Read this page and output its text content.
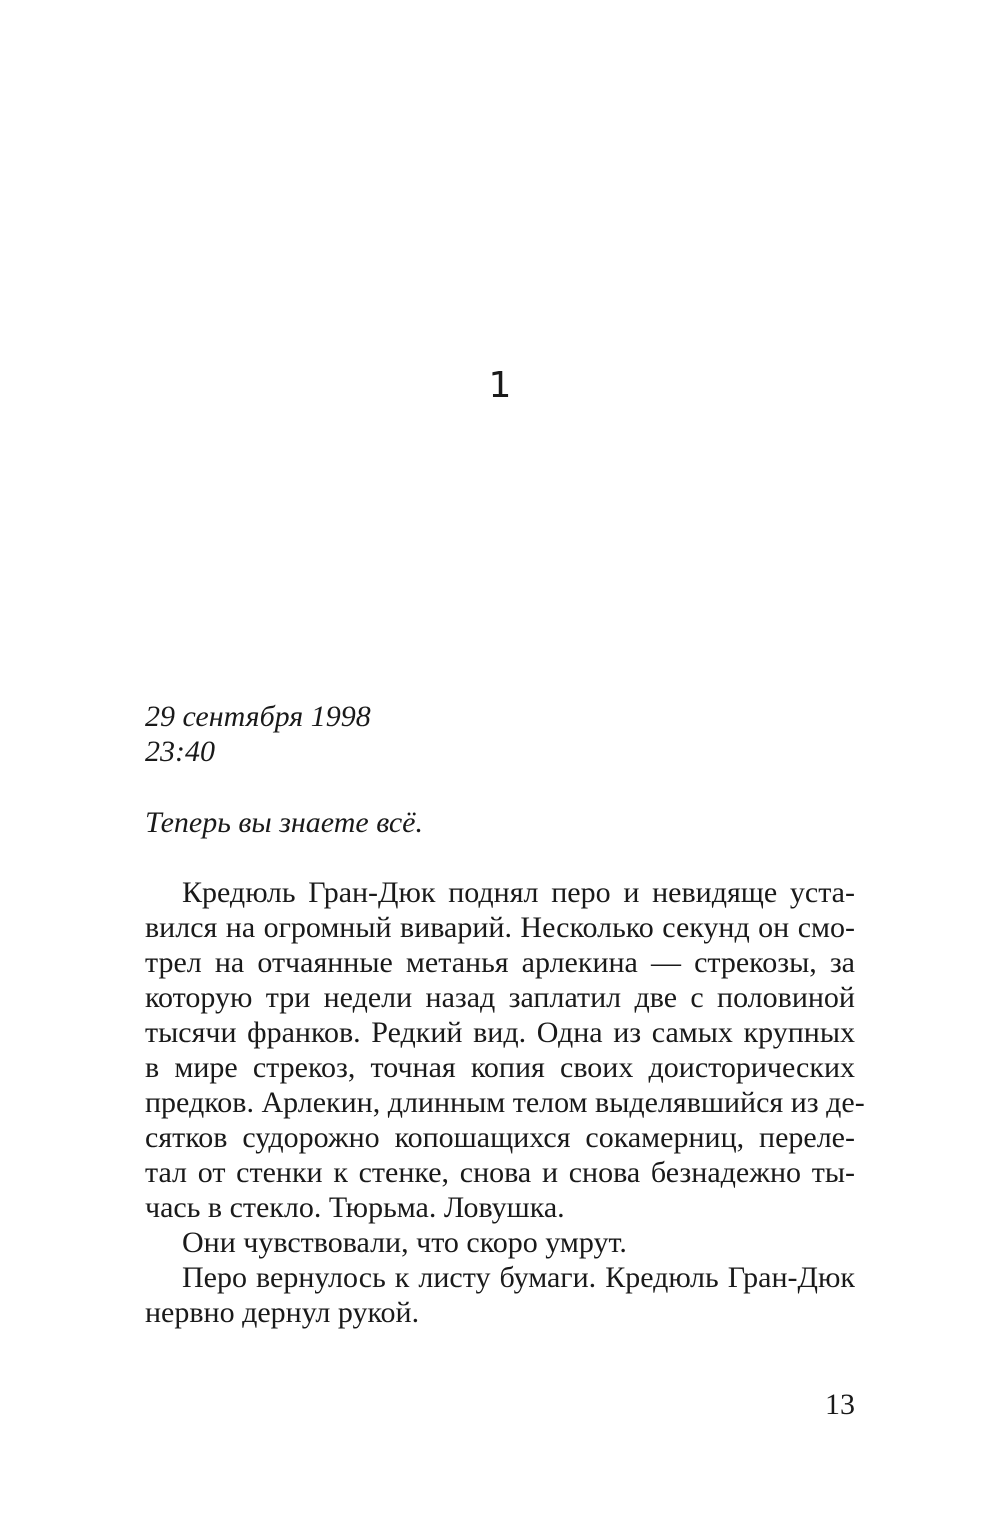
1
29 сентября 1998
23:40
Теперь вы знаете всё.
Кредюль Гран-Дюк поднял перо и невидяще уста-
вился на огромный виварий. Несколько секунд он смо-
трел на отчаянные метанья арлекина — стрекозы, за
которую три недели назад заплатил две с половиной
тысячи франков. Редкий вид. Одна из самых крупных
в мире стрекоз, точная копия своих доисторических
предков. Арлекин, длинным телом выделявшийся из де-
сятков судорожно копошащихся сокамерниц, переле-
тал от стенки к стенке, снова и снова безнадежно ты-
чась в стекло. Тюрьма. Ловушка.
Они чувствовали, что скоро умрут.
Перо вернулось к листу бумаги. Кредюль Гран-Дюк
нервно дернул рукой.
13
